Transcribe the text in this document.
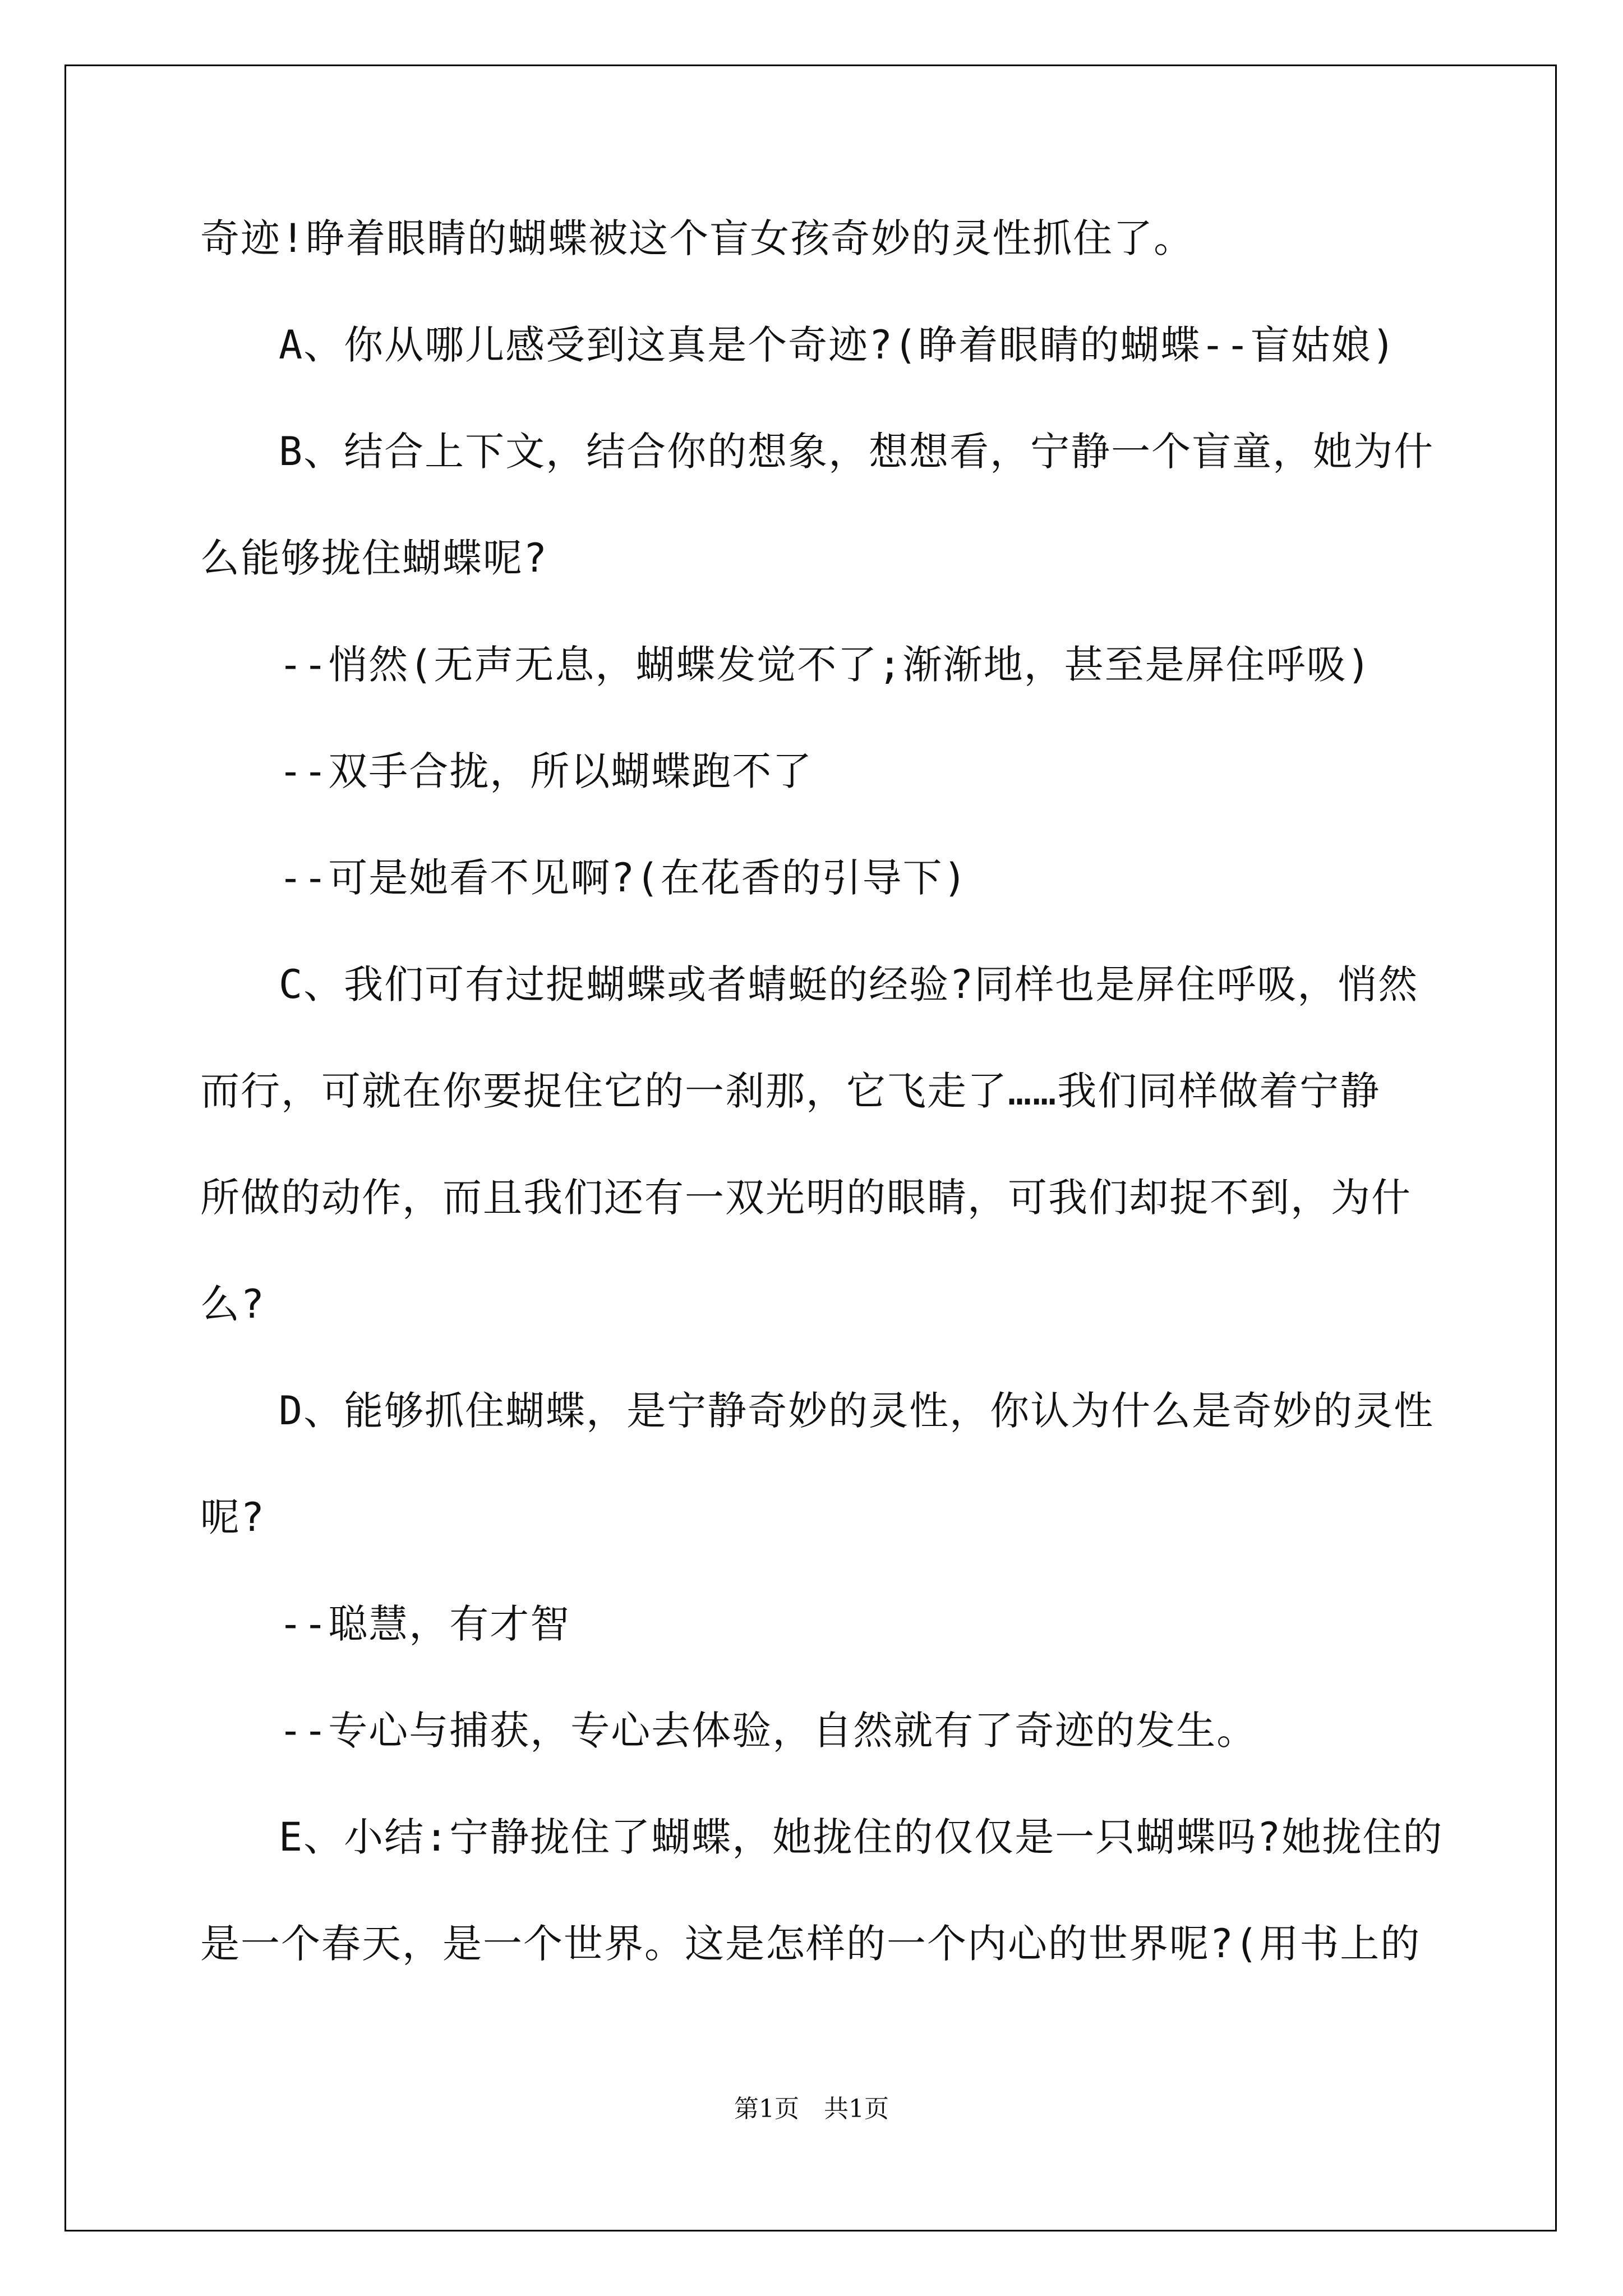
奇迹!睁着眼睛的蝴蝶被这个盲女孩奇妙的灵性抓住了。

A、你从哪儿感受到这真是个奇迹?(睁着眼睛的蝴蝶--盲姑娘)

B、结合上下文，结合你的想象，想想看，宁静一个盲童，她为什

么能够拢住蝴蝶呢?

--悄然(无声无息，蝴蝶发觉不了;渐渐地，甚至是屏住呼吸)

--双手合拢，所以蝴蝶跑不了

--可是她看不见啊?(在花香的引导下)

C、我们可有过捉蝴蝶或者蜻蜓的经验?同样也是屏住呼吸，悄然

而行，可就在你要捉住它的一刹那，它飞走了……我们同样做着宁静

所做的动作，而且我们还有一双光明的眼睛，可我们却捉不到，为什

么?

D、能够抓住蝴蝶，是宁静奇妙的灵性，你认为什么是奇妙的灵性

呢?

--聪慧，有才智

--专心与捕获，专心去体验，自然就有了奇迹的发生。

E、小结:宁静拢住了蝴蝶，她拢住的仅仅是一只蝴蝶吗?她拢住的

是一个春天，是一个世界。这是怎样的一个内心的世界呢?(用书上的

第1页　共1页
